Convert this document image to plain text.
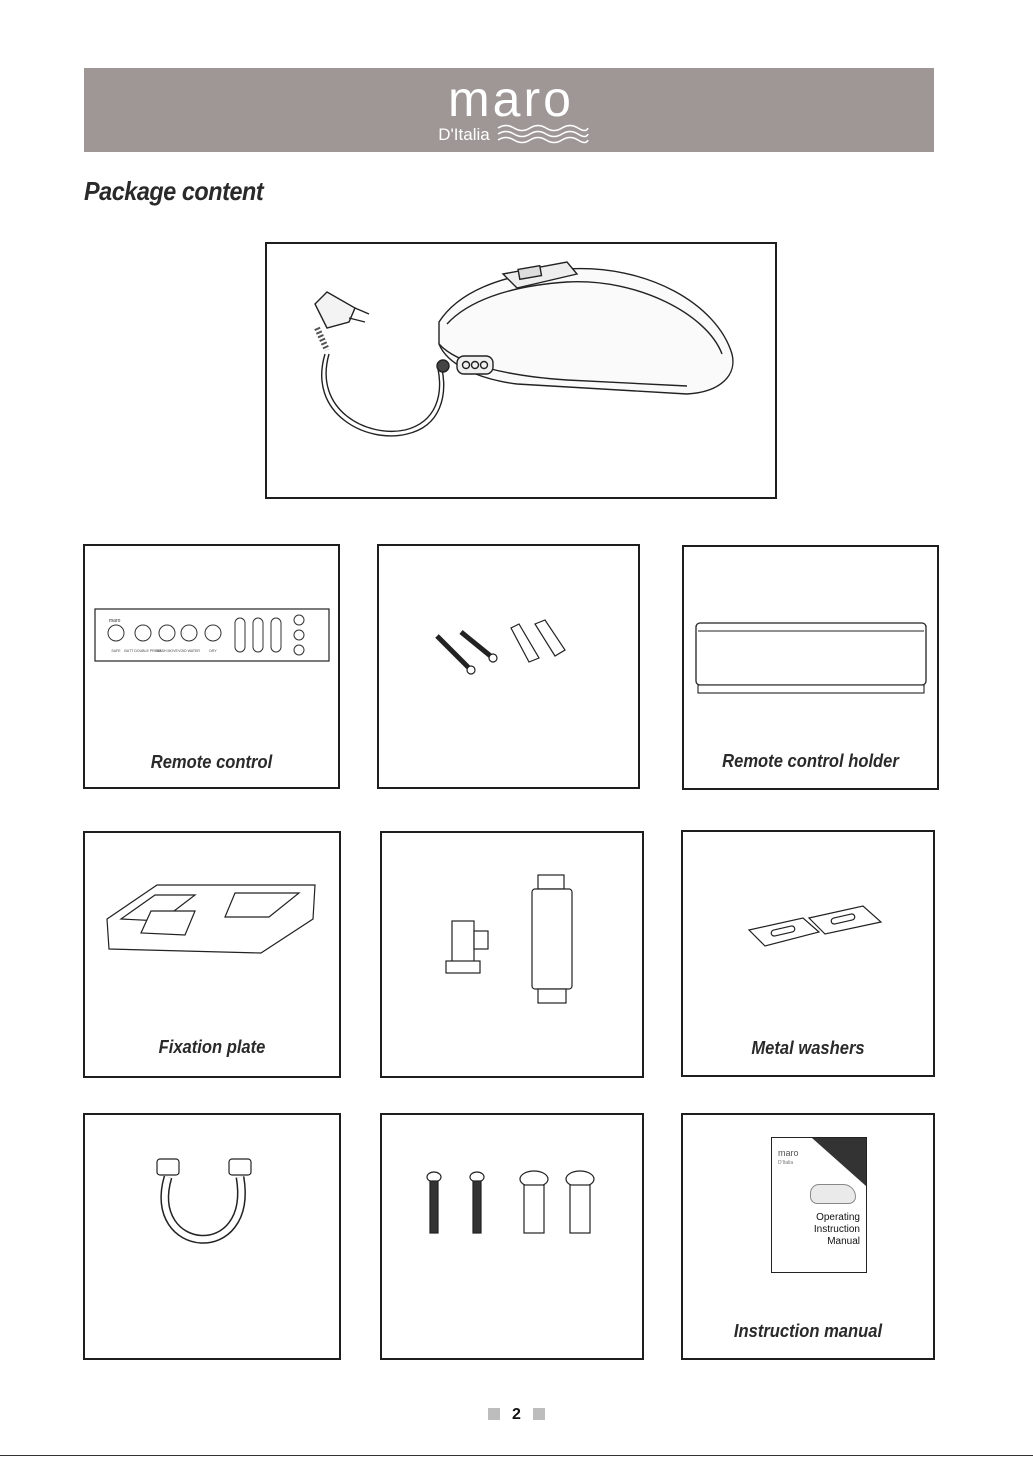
maro
D'Italia
Package content
maro
SAFE BUTT DOUBLE PRESS
WASH MOVE VOID WATER	DRY
Remote control	Remote control holder
Fixation plate	Metal washers
maro
D'Italia
Operating
Instruction
Manual
Instruction manual
2
